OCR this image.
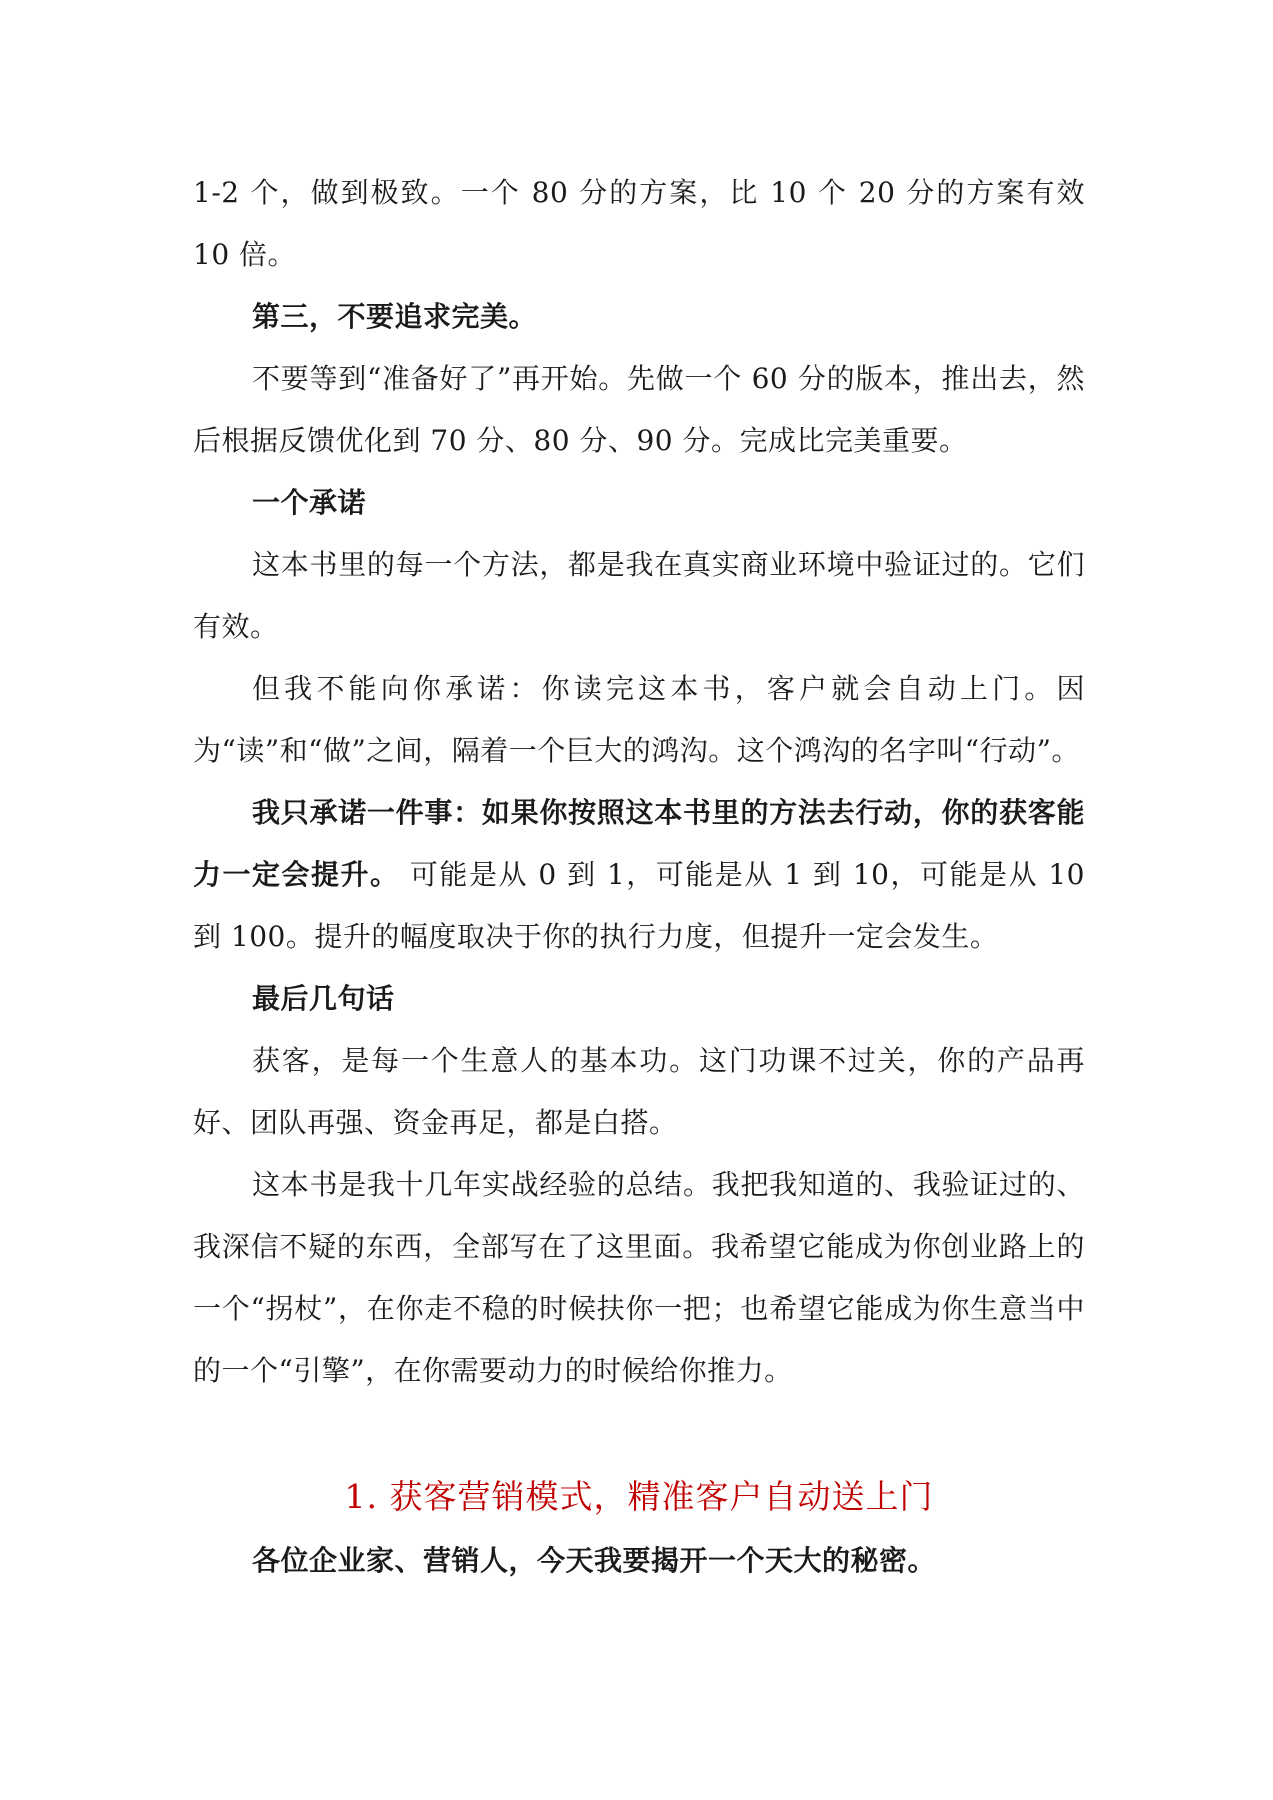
1-2 个，做到极致。一个 80 分的方案，比 10 个 20 分的方案有效 10 倍。

第三，不要追求完美。

不要等到“准备好了”再开始。先做一个 60 分的版本，推出去，然后根据反馈优化到 70 分、80 分、90 分。完成比完美重要。

一个承诺

这本书里的每一个方法，都是我在真实商业环境中验证过的。它们有效。

但我不能向你承诺：你读完这本书，客户就会自动上门。因为“读”和“做”之间，隔着一个巨大的鸿沟。这个鸿沟的名字叫“行动”。

我只承诺一件事：如果你按照这本书里的方法去行动，你的获客能力一定会提升。 可能是从 0 到 1，可能是从 1 到 10，可能是从 10 到 100。提升的幅度取决于你的执行力度，但提升一定会发生。

最后几句话

获客，是每一个生意人的基本功。这门功课不过关，你的产品再好、团队再强、资金再足，都是白搭。

这本书是我十几年实战经验的总结。我把我知道的、我验证过的、我深信不疑的东西，全部写在了这里面。我希望它能成为你创业路上的一个“拐杖”，在你走不稳的时候扶你一把；也希望它能成为你生意当中的一个“引擎”，在你需要动力的时候给你推力。

1. 获客营销模式，精准客户自动送上门

各位企业家、营销人，今天我要揭开一个天大的秘密。
